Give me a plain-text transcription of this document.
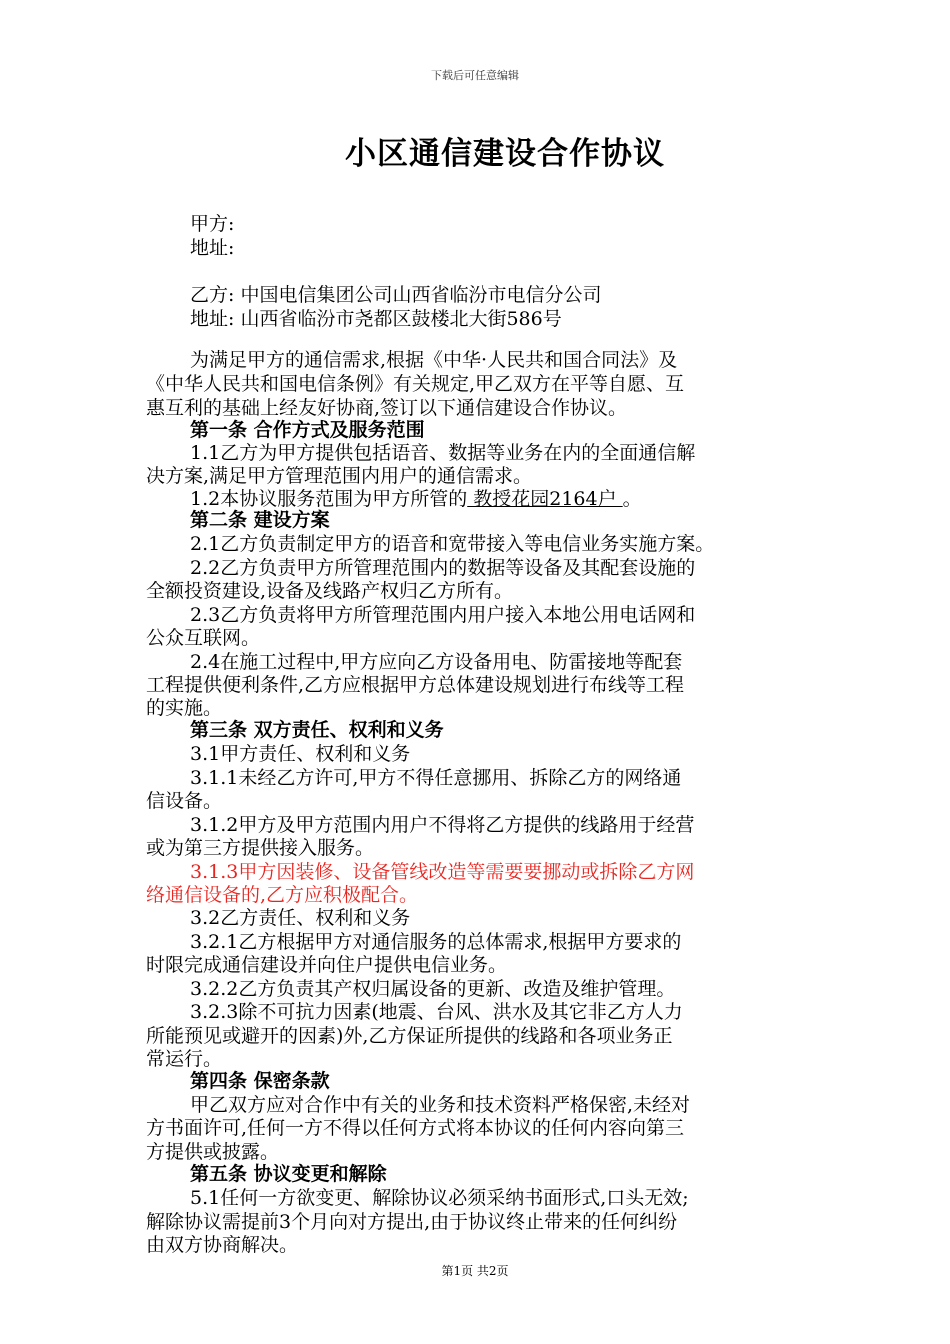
下载后可任意编辑
小区通信建设合作协议
甲方:
地址:
乙方: 中国电信集团公司山西省临汾市电信分公司
地址: 山西省临汾市尧都区鼓楼北大街586号
为满足甲方的通信需求,根据《中华·人民共和国合同法》及
《中华人民共和国电信条例》有关规定,甲乙双方在平等自愿、互
惠互利的基础上经友好协商,签订以下通信建设合作协议。
第一条 合作方式及服务范围
1.1乙方为甲方提供包括语音、数据等业务在内的全面通信解
决方案,满足甲方管理范围内用户的通信需求。
1.2本协议服务范围为甲方所管的 教授花园2164户 。
第二条 建设方案
2.1乙方负责制定甲方的语音和宽带接入等电信业务实施方案。
2.2乙方负责甲方所管理范围内的数据等设备及其配套设施的
全额投资建设,设备及线路产权归乙方所有。
2.3乙方负责将甲方所管理范围内用户接入本地公用电话网和
公众互联网。
2.4在施工过程中,甲方应向乙方设备用电、防雷接地等配套
工程提供便利条件,乙方应根据甲方总体建设规划进行布线等工程
的实施。
第三条 双方责任、权利和义务
3.1甲方责任、权利和义务
3.1.1未经乙方许可,甲方不得任意挪用、拆除乙方的网络通
信设备。
3.1.2甲方及甲方范围内用户不得将乙方提供的线路用于经营
或为第三方提供接入服务。
3.1.3甲方因装修、设备管线改造等需要要挪动或拆除乙方网
络通信设备的,乙方应积极配合。
3.2乙方责任、权利和义务
3.2.1乙方根据甲方对通信服务的总体需求,根据甲方要求的
时限完成通信建设并向住户提供电信业务。
3.2.2乙方负责其产权归属设备的更新、改造及维护管理。
3.2.3除不可抗力因素(地震、台风、洪水及其它非乙方人力
所能预见或避开的因素)外,乙方保证所提供的线路和各项业务正
常运行。
第四条 保密条款
甲乙双方应对合作中有关的业务和技术资料严格保密,未经对
方书面许可,任何一方不得以任何方式将本协议的任何内容向第三
方提供或披露。
第五条 协议变更和解除
5.1任何一方欲变更、解除协议必须采纳书面形式,口头无效;
解除协议需提前3个月向对方提出,由于协议终止带来的任何纠纷
由双方协商解决。
第1页 共2页
